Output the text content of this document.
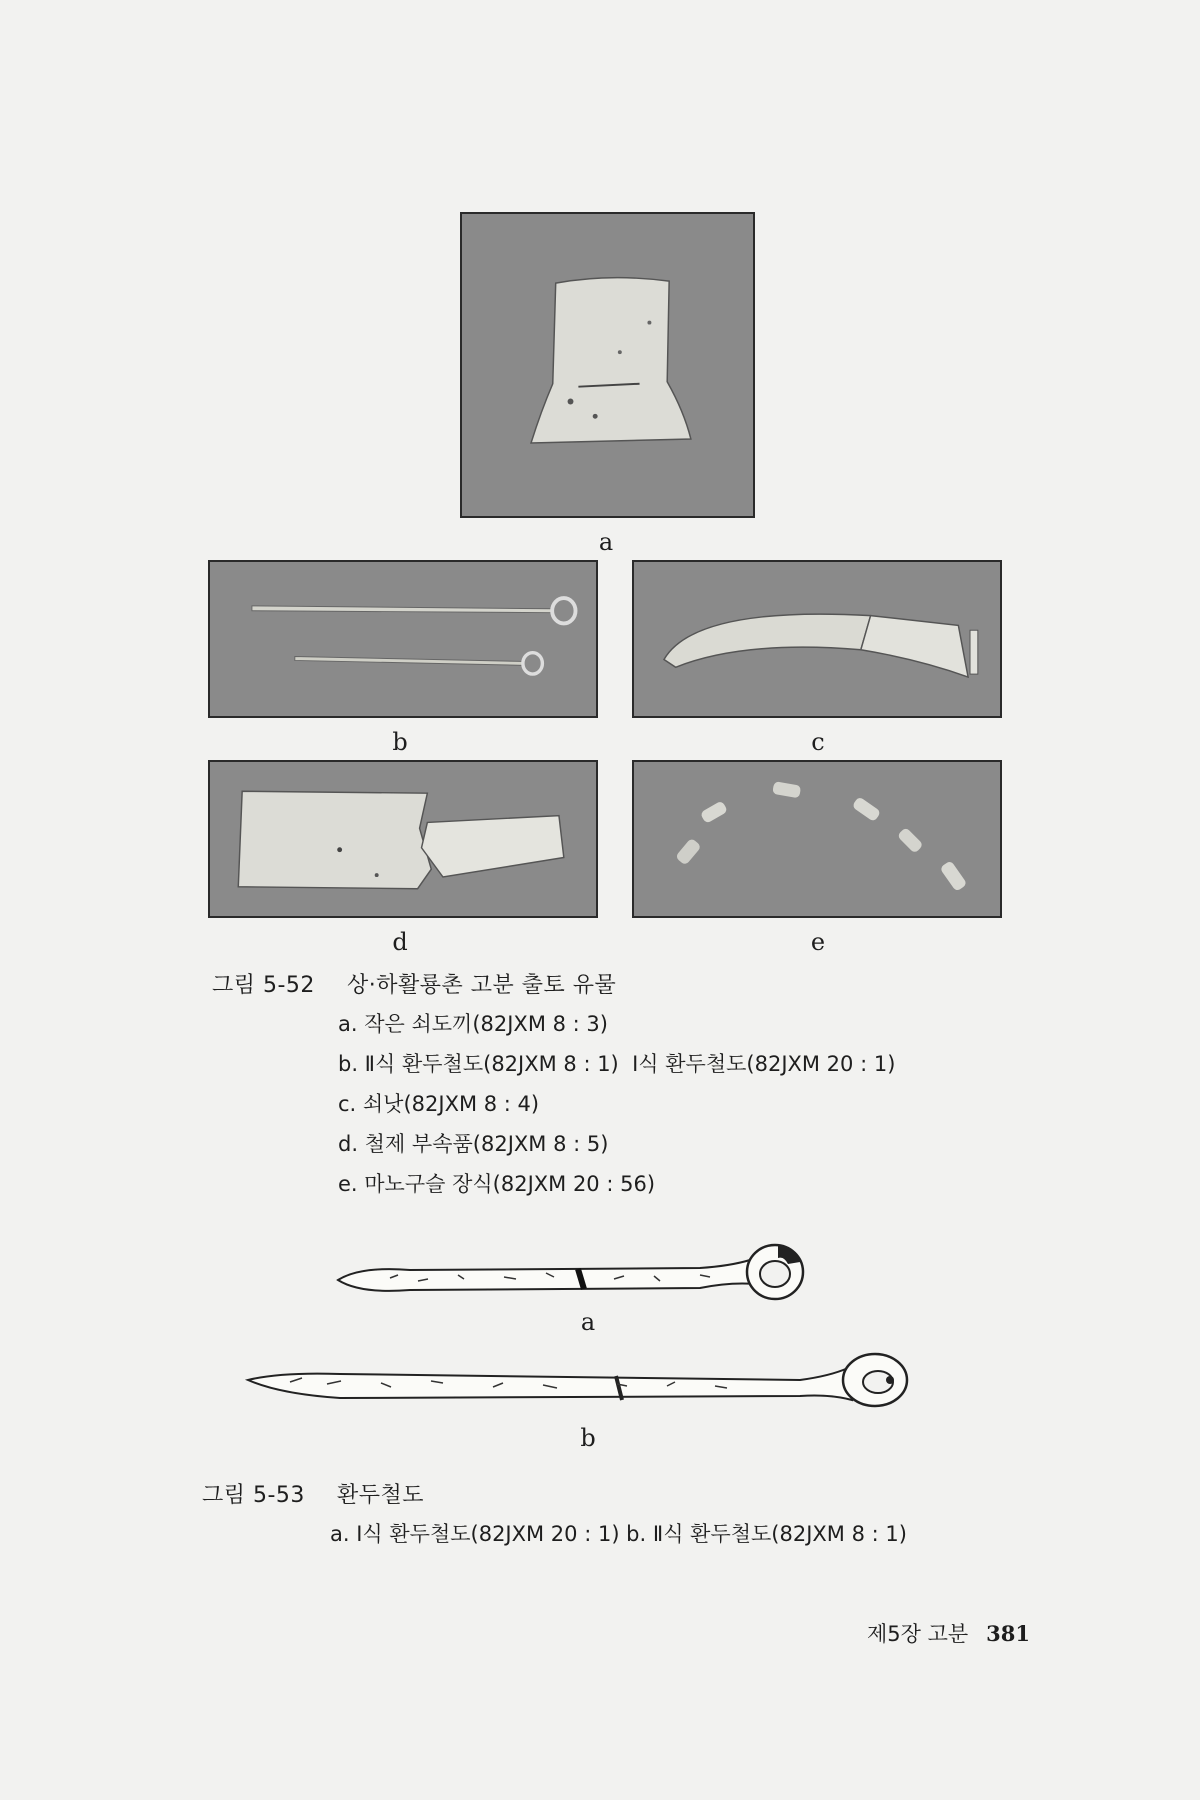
a
b	c
d	e
그림 5-52 상·하활룡촌 고분 출토 유물
a. 작은 쇠도끼(82JXM 8 : 3)
b. Ⅱ식 환두철도(82JXM 8 : 1)  Ⅰ식 환두철도(82JXM 20 : 1)
c. 쇠낫(82JXM 8 : 4)
d. 철제 부속품(82JXM 8 : 5)
e. 마노구슬 장식(82JXM 20 : 56)
a
b
그림 5-53 환두철도
a. Ⅰ식 환두철도(82JXM 20 : 1) b. Ⅱ식 환두철도(82JXM 8 : 1)
제5장 고분 381
